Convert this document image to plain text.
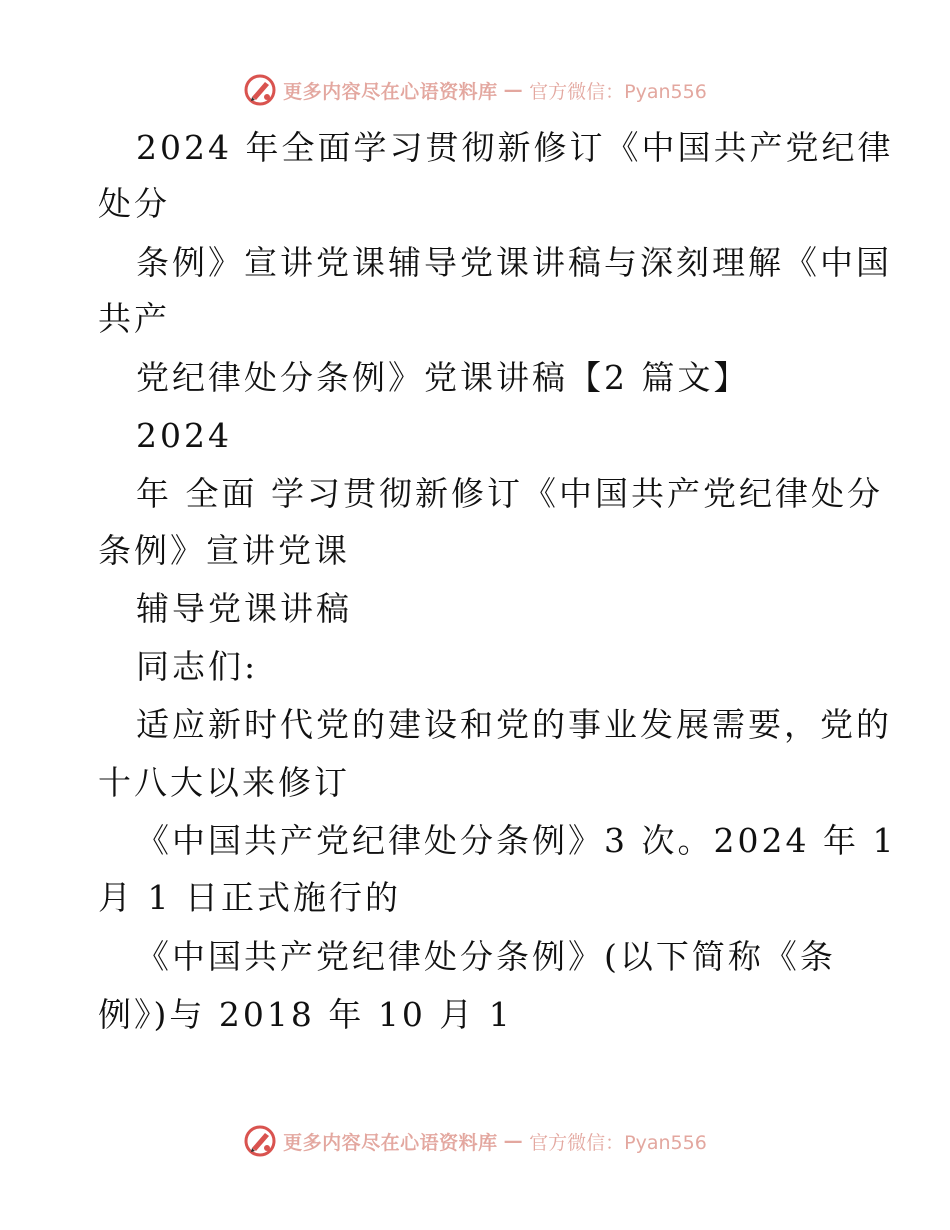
更多内容尽在心语资料库 — 官方微信：Pyan556
2024 年全面学习贯彻新修订《中国共产党纪律
处分
条例》宣讲党课辅导党课讲稿与深刻理解《中国
共产
党纪律处分条例》党课讲稿【2 篇文】
2024
年 全面 学习贯彻新修订《中国共产党纪律处分
条例》宣讲党课
辅导党课讲稿
同志们:
适应新时代党的建设和党的事业发展需要，党的
十八大以来修订
《中国共产党纪律处分条例》3 次。2024 年 1
月 1 日正式施行的
《中国共产党纪律处分条例》(以下简称《条
例》)与 2018 年 10 月 1
更多内容尽在心语资料库 — 官方微信：Pyan556
